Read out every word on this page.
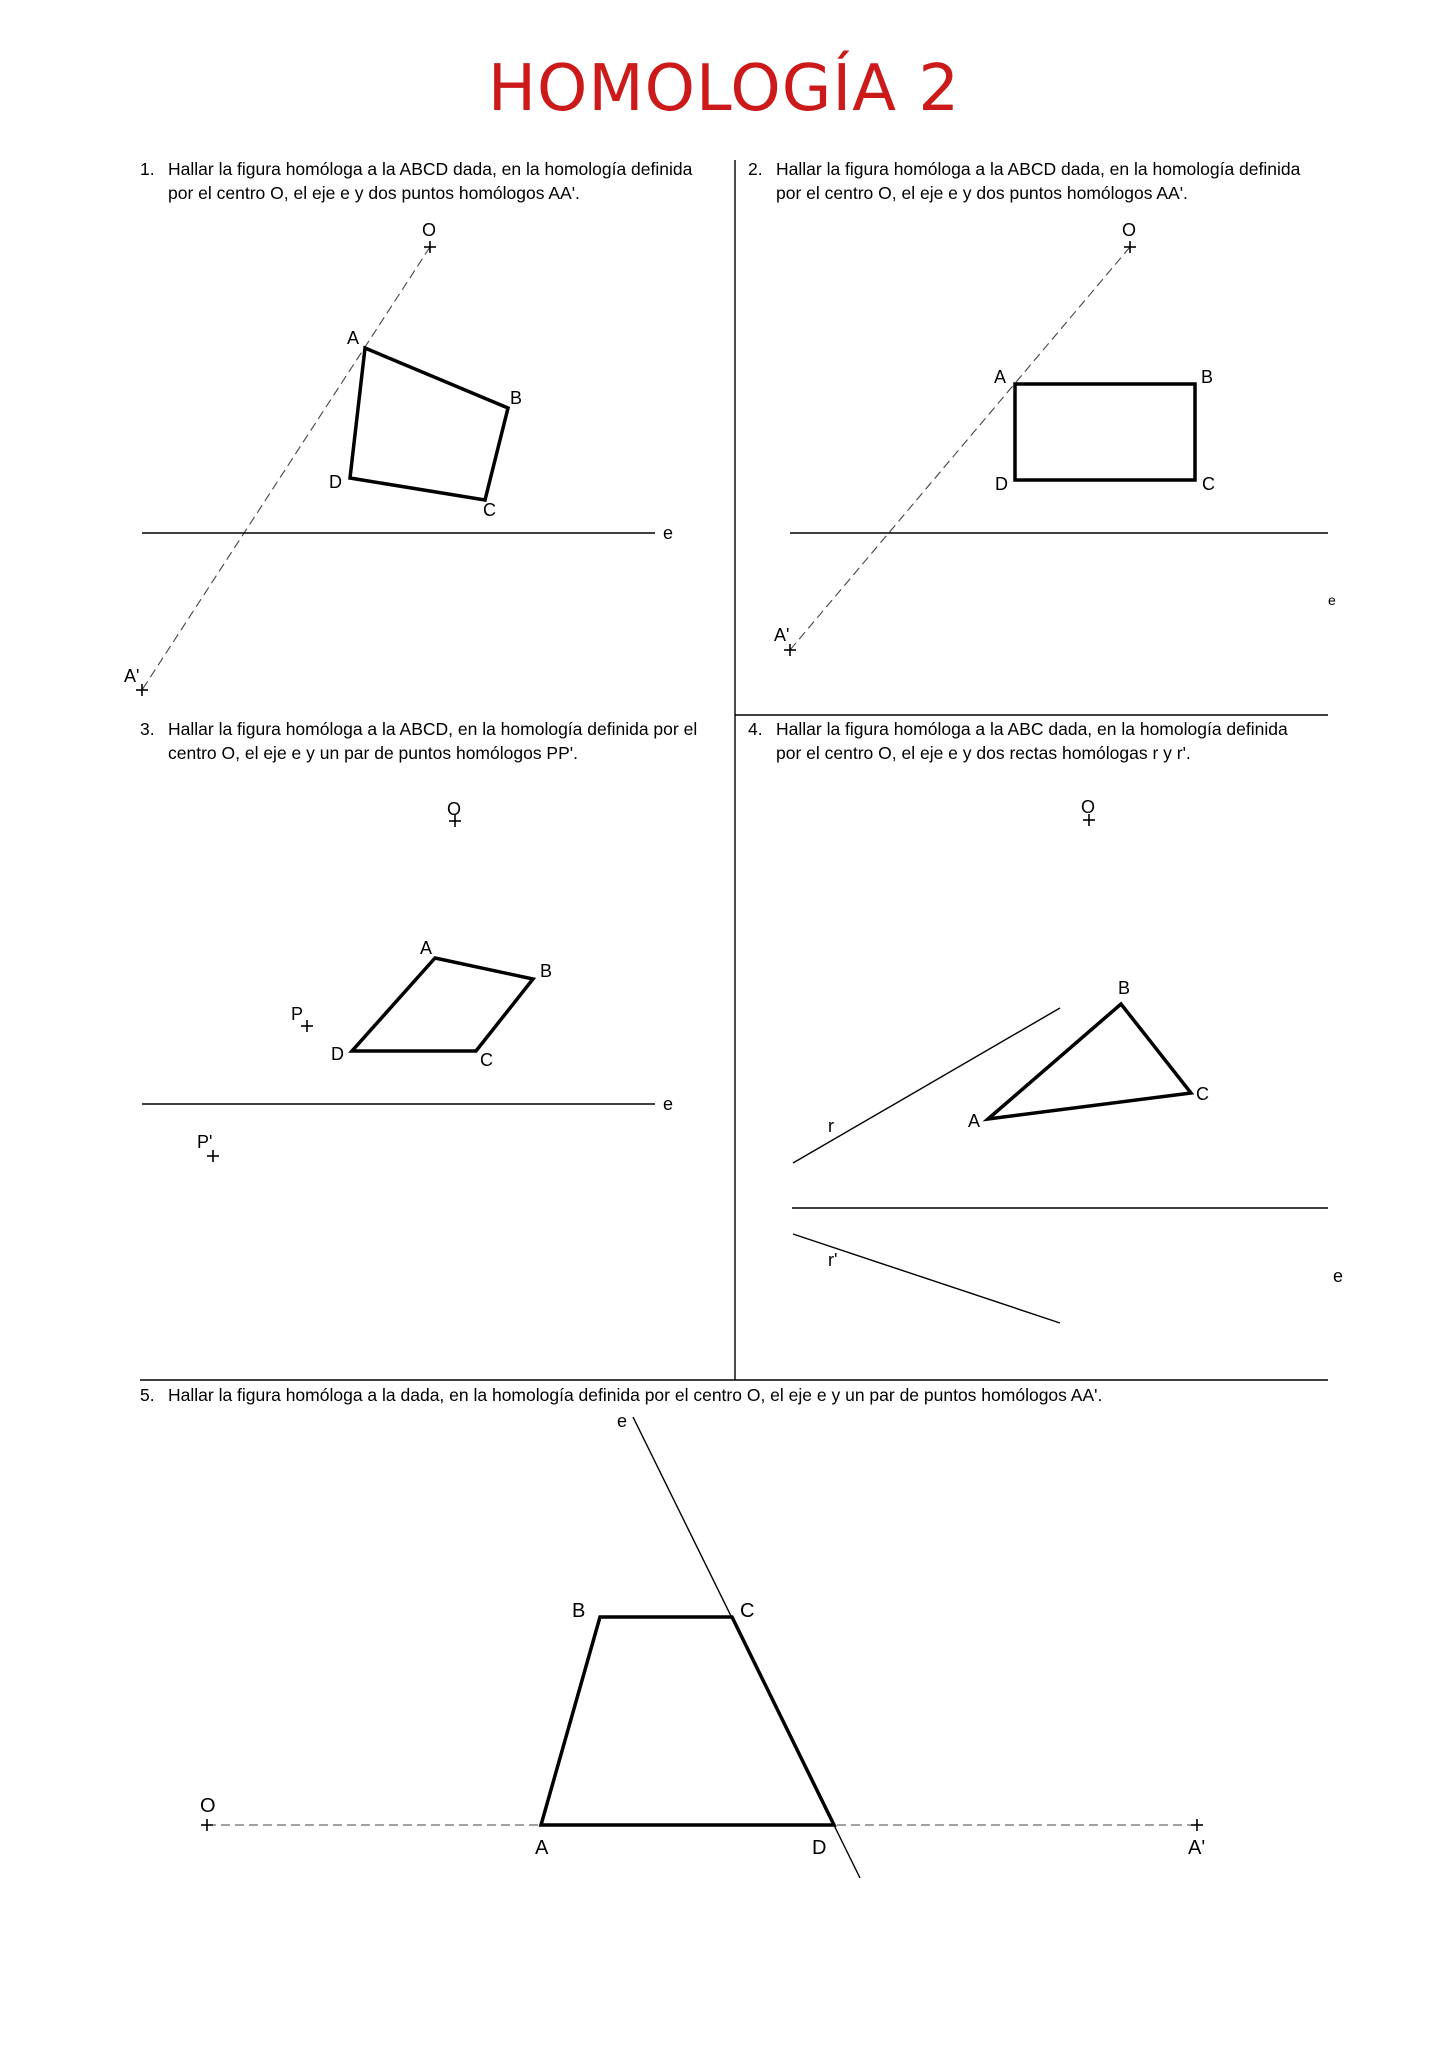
HOMOLOGÍA 2
1. Hallar la figura homóloga a la ABCD dada, en la homología definida por el centro O, el eje e y dos puntos homólogos AA'.
2. Hallar la figura homóloga a la ABCD dada, en la homología definida por el centro O, el eje e y dos puntos homólogos AA'.
3. Hallar la figura homóloga a la ABCD, en la homología definida por el centro O, el eje e y un par de puntos homólogos PP'.
4. Hallar la figura homóloga a la ABC dada, en la homología definida por el centro O, el eje e y dos rectas homólogas r y r'.
5. Hallar la figura homóloga a la dada, en la homología definida por el centro O, el eje e y un par de puntos homólogos AA'.
O
A
B
C
D
e
A'
O
A	B
C
D
e
A'
O
A
B
C
D
e
P
P'
O
A
B
C
e
r
r'
O
A
B	C
D
e
A'
